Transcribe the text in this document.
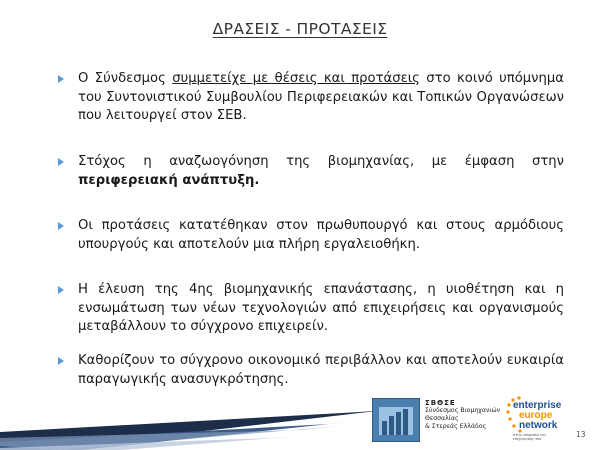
ΔΡΑΣΕΙΣ - ΠΡΟΤΑΣΕΙΣ
Ο Σύνδεσμος συμμετείχε με θέσεις και προτάσεις στο κοινό υπόμνημα του Συντονιστικού Συμβουλίου Περιφερειακών και Τοπικών Οργανώσεων που λειτουργεί στον ΣΕΒ.
Στόχος η αναζωογόνηση της βιομηχανίας, με έμφαση στην περιφερειακή ανάπτυξη.
Οι προτάσεις κατατέθηκαν στον πρωθυπουργό και στους αρμόδιους υπουργούς και αποτελούν μια πλήρη εργαλειοθήκη.
Η έλευση της 4ης βιομηχανικής επανάστασης, η υιοθέτηση και η ενσωμάτωση των νέων τεχνολογιών από επιχειρήσεις και οργανισμούς μεταβάλλουν το σύγχρονο επιχειρείν.
Καθορίζουν το σύγχρονο οικονομικό περιβάλλον και αποτελούν ευκαιρία παραγωγικής ανασυγκρότησης.
ΣΒΘΣΕ
Σύνδεσμος Βιομηχανιών
Θεσσαλίας
& Στερεάς Ελλάδος
enterprise
europe
network
στην υπηρεσία της επιχείρησής σας	13
